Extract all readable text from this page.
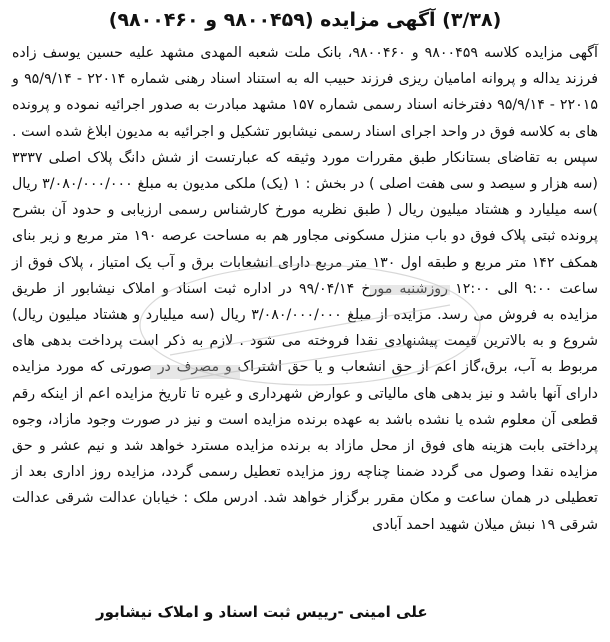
(۳/۳۸) آگهی مزایده (۹۸۰۰۴۵۹ و ۹۸۰۰۴۶۰)

آگهی مزایده کلاسه ۹۸۰۰۴۵۹ و ۹۸۰۰۴۶۰، بانک ملت شعبه المهدی مشهد علیه حسین یوسف زاده فرزند یداله و پروانه امامیان ریزی فرزند حبیب اله به استناد اسناد رهنی شماره ۲۲۰۱۴ - ۹۵/۹/۱۴ و ۲۲۰۱۵ - ۹۵/۹/۱۴ دفترخانه اسناد رسمی شماره ۱۵۷ مشهد مبادرت به صدور اجرائیه نموده و پرونده های به کلاسه فوق در واحد اجرای اسناد رسمی نیشابور تشکیل و اجرائیه به مدیون ابلاغ شده است . سپس به تقاضای بستانکار طبق مقررات مورد وثیقه که عبارتست از شش دانگ پلاک اصلی ۳۳۳۷ (سه هزار و سیصد و سی هفت اصلی ) در بخش : ۱ (یک) ملکی مدیون به مبلغ ۳/۰۸۰/۰۰۰/۰۰۰ ریال )سه میلیارد و هشتاد میلیون ریال ( طبق نظریه مورخ کارشناس رسمی ارزیابی و حدود آن بشرح پرونده ثبتی پلاک فوق دو باب منزل مسکونی مجاور هم به مساحت عرصه ۱۹۰ متر مربع و زیر بنای همکف ۱۴۲ متر مربع و طبقه اول ۱۳۰ متر مربع دارای انشعابات برق و آب یک امتیاز ، پلاک فوق از ساعت ۹:۰۰ الی ۱۲:۰۰ روزشنبه مورخ ۹۹/۰۴/۱۴ در اداره ثبت اسناد و املاک نیشابور از طریق مزایده به فروش می رسد. مزایده از مبلغ ۳/۰۸۰/۰۰۰/۰۰۰ ریال (سه میلیارد و هشتاد میلیون ریال) شروع و به بالاترین قیمت پیشنهادی نقدا فروخته می شود . لازم به ذکر است پرداخت بدهی های مربوط به آب، برق،گاز اعم از حق انشعاب و یا حق اشتراک و مصرف در صورتی که مورد مزایده دارای آنها باشد و نیز بدهی های مالیاتی و عوارض شهرداری و غیره تا تاریخ مزایده اعم از اینکه رقم قطعی آن معلوم شده یا نشده باشد به عهده برنده مزایده است و نیز در صورت وجود مازاد، وجوه پرداختی بابت هزینه های فوق از محل مازاد به برنده مزایده مسترد خواهد شد و نیم عشر و حق مزایده نقدا وصول می گردد ضمنا چناچه روز مزایده تعطیل رسمی گردد، مزایده روز اداری بعد از تعطیلی در همان ساعت و مکان مقرر برگزار خواهد شد. ادرس ملک : خیابان عدالت شرقی عدالت شرقی ۱۹ نبش میلان شهید احمد آبادی

علی امینی -رییس ثبت اسناد و املاک نیشابور
